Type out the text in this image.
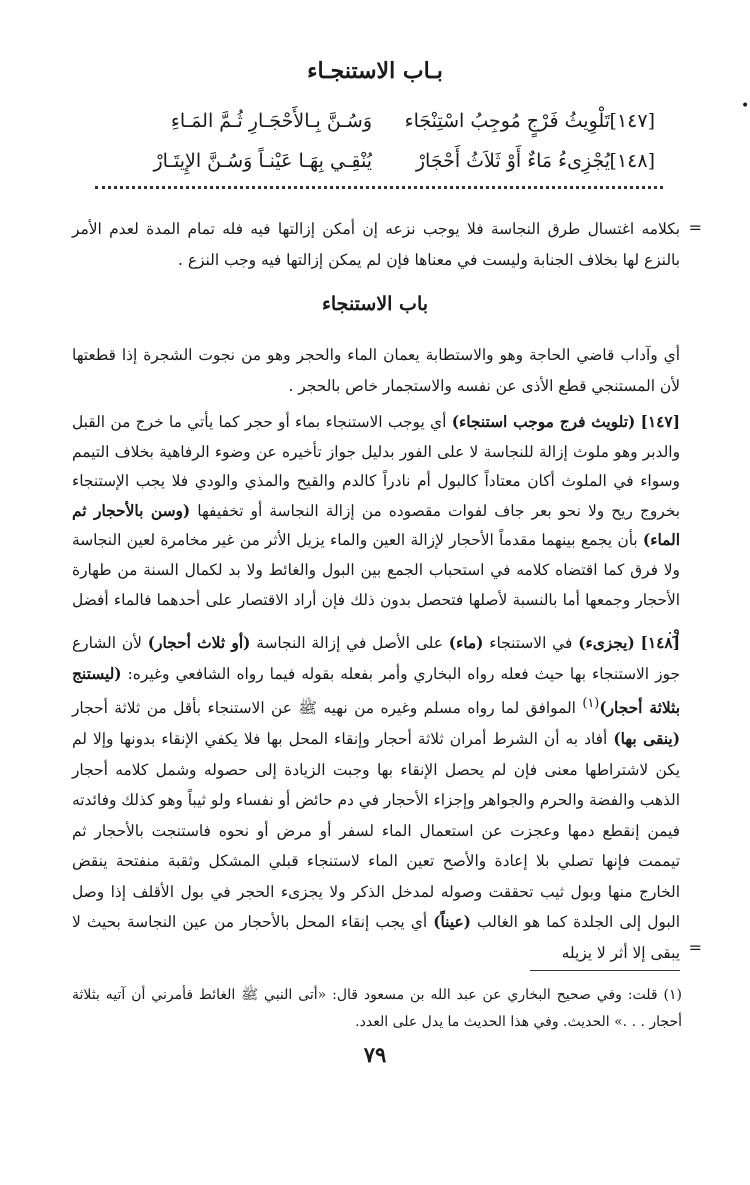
•
بـاب الاستنجـاء
[١٤٧]
تَلْوِيثُ فَرْجٍ مُوجِبُ اسْتِنْجَاء
وَسُـنَّ بِـالأَحْجَـارِ ثُـمَّ المَـاءِ
[١٤٨]
يُجْزِىءُ مَاءٌ أَوْ ثَلاَثُ أَحْجَارْ
يُنْقِـي بِهَـا عَيْنـاً وَسُـنَّ الإِيتَـارْ
=
بكلامه اغتسال طرق النجاسة فلا يوجب نزعه إن أمكن إزالتها فيه فله تمام المدة لعدم الأمر بالنزع لها بخلاف الجنابة وليست في معناها فإن لم يمكن إزالتها فيه وجب النزع .
باب الاستنجاء
أي وآداب قاضي الحاجة وهو والاستطابة يعمان الماء والحجر وهو من نجوت الشجرة إذا قطعتها لأن المستنجي قطع الأذى عن نفسه والاستجمار خاص بالحجر .
[١٤٧] (تلويث فرج موجب استنجاء) أي يوجب الاستنجاء بماء أو حجر كما يأتي ما خرج من القبل والدبر وهو ملوث إزالة للنجاسة لا على الفور بدليل جواز تأخيره عن وضوء الرفاهية بخلاف التيمم وسواء في الملوث أكان معتاداً كالبول أم نادراً كالدم والقيح والمذي والودي فلا يجب الإستنجاء بخروج ريح ولا نحو بعر جاف لفوات مقصوده من إزالة النجاسة أو تخفيفها (وسن بالأحجار ثم الماء) بأن يجمع بينهما مقدماً الأحجار لإزالة العين والماء يزيل الأثر من غير مخامرة لعين النجاسة ولا فرق كما اقتضاه كلامه في استحباب الجمع بين البول والغائط ولا بد لكمال السنة من طهارة الأحجار وجمعها أما بالنسبة لأصلها فتحصل بدون ذلك فإن أراد الاقتصار على أحدهما فالماء أفضل و.
[١٤٨] (يجزىء) في الاستنجاء (ماء) على الأصل في إزالة النجاسة (أو ثلاث أحجار) لأن الشارع جوز الاستنجاء بها حيث فعله رواه البخاري وأمر بفعله بقوله فيما رواه الشافعي وغيره: (ليستنج بثلاثة أحجار)$^{(١)}$ الموافق لما رواه مسلم وغيره من نهيه ﷺ عن الاستنجاء بأقل من ثلاثة أحجار (ينقى بها) أفاد به أن الشرط أمران ثلاثة أحجار وإنقاء المحل بها فلا يكفي الإنقاء بدونها وإلا لم يكن لاشتراطها معنى فإن لم يحصل الإنقاء بها وجبت الزيادة إلى حصوله وشمل كلامه أحجار الذهب والفضة والحرم والجواهر وإجزاء الأحجار في دم حائض أو نفساء ولو ثيباً وهو كذلك وفائدته فيمن إنقطع دمها وعجزت عن استعمال الماء لسفر أو مرض أو نحوه فاستنجت بالأحجار ثم تيممت فإنها تصلي بلا إعادة والأصح تعين الماء لاستنجاء قبلي المشكل وثقبة منفتحة ينقض الخارج منها وبول ثيب تحققت وصوله لمدخل الذكر ولا يجزىء الحجر في بول الأقلف إذا وصل البول إلى الجلدة كما هو الغالب (عيناً) أي يجب إنقاء المحل بالأحجار من عين النجاسة بحيث لا يبقى إلا أثر لا يزيله =
(١) قلت: وفي صحيح البخاري عن عبد الله بن مسعود قال: «أتى النبي ﷺ الغائط فأمرني أن آتيه بثلاثة أحجار . . .» الحديث. وفي هذا الحديث ما يدل على العدد.
٧٩
